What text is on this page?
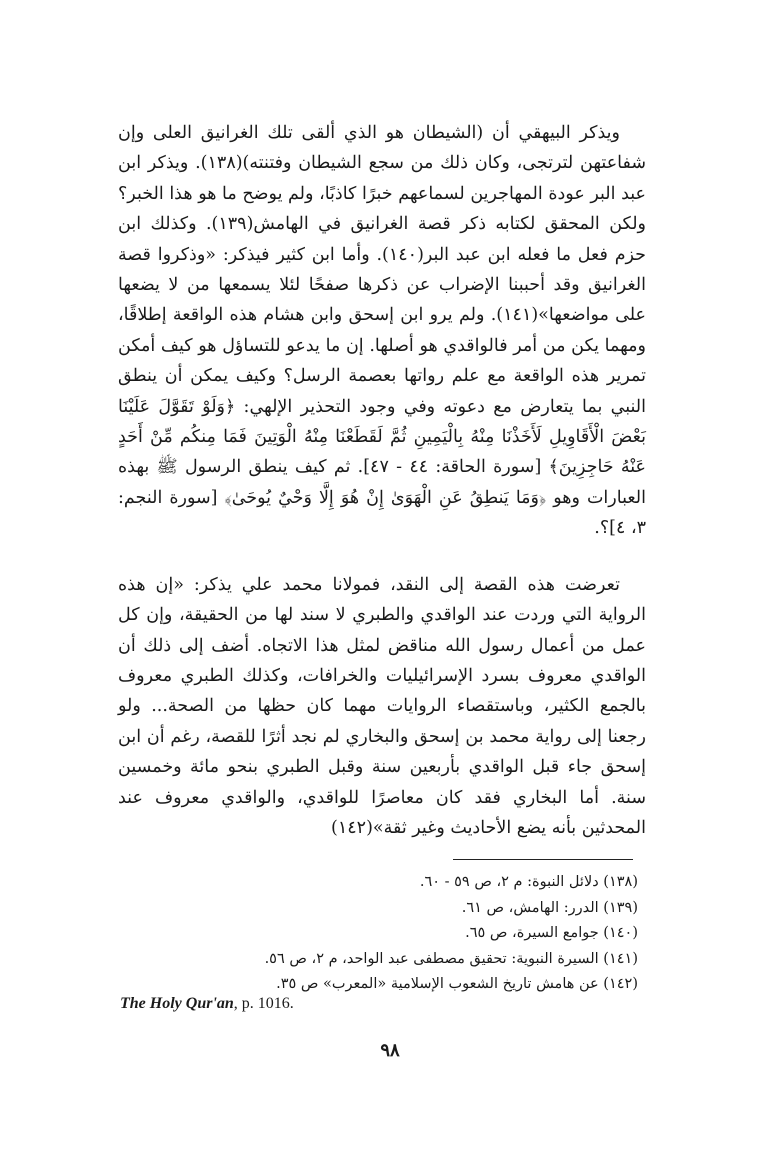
ويذكر البيهقي أن (الشيطان هو الذي ألقى تلك الغرانيق العلى وإن شفاعتهن لترتجى، وكان ذلك من سجع الشيطان وفتنته)(١٣٨). ويذكر ابن عبد البر عودة المهاجرين لسماعهم خبرًا كاذبًا، ولم يوضح ما هو هذا الخبر؟ ولكن المحقق لكتابه ذكر قصة الغرانيق في الهامش(١٣٩). وكذلك ابن حزم فعل ما فعله ابن عبد البر(١٤٠). وأما ابن كثير فيذكر: «وذكروا قصة الغرانيق وقد أحببنا الإضراب عن ذكرها صفحًا لئلا يسمعها من لا يضعها على مواضعها»(١٤١). ولم يرو ابن إسحق وابن هشام هذه الواقعة إطلاقًا، ومهما يكن من أمر فالواقدي هو أصلها. إن ما يدعو للتساؤل هو كيف أمكن تمرير هذه الواقعة مع علم رواتها بعصمة الرسل؟ وكيف يمكن أن ينطق النبي بما يتعارض مع دعوته وفي وجود التحذير الإلهي: ﴿وَلَوْ تَقَوَّلَ عَلَيْنَا بَعْضَ الْأَقَاوِيلِ لَأَخَذْنَا مِنْهُ بِالْيَمِينِ ثُمَّ لَقَطَعْنَا مِنْهُ الْوَتِينَ فَمَا مِنكُم مِّنْ أَحَدٍ عَنْهُ حَاجِزِينَ﴾ [سورة الحاقة: ٤٤ - ٤٧]. ثم كيف ينطق الرسول ﷺ بهذه العبارات وهو ﴿وَمَا يَنطِقُ عَنِ الْهَوَىٰ إِنْ هُوَ إِلَّا وَحْيٌ يُوحَىٰ﴾ [سورة النجم: ٣، ٤]؟.

تعرضت هذه القصة إلى النقد، فمولانا محمد علي يذكر: «إن هذه الرواية التي وردت عند الواقدي والطبري لا سند لها من الحقيقة، وإن كل عمل من أعمال رسول الله مناقض لمثل هذا الاتجاه. أضف إلى ذلك أن الواقدي معروف بسرد الإسرائيليات والخرافات، وكذلك الطبري معروف بالجمع الكثير، وباستقصاء الروايات مهما كان حظها من الصحة... ولو رجعنا إلى رواية محمد بن إسحق والبخاري لم نجد أثرًا للقصة، رغم أن ابن إسحق جاء قبل الواقدي بأربعين سنة وقبل الطبري بنحو مائة وخمسين سنة. أما البخاري فقد كان معاصرًا للواقدي، والواقدي معروف عند المحدثين بأنه يضع الأحاديث وغير ثقة»(١٤٢)

(١٣٨) دلائل النبوة: م ٢، ص ٥٩ - ٦٠.
(١٣٩) الدرر: الهامش، ص ٦١.
(١٤٠) جوامع السيرة، ص ٦٥.
(١٤١) السيرة النبوية: تحقيق مصطفى عبد الواحد، م ٢، ص ٥٦.
(١٤٢) عن هامش تاريخ الشعوب الإسلامية «المعرب» ص ٣٥.
The Holy Qur'an, p. 1016.
٩٨
